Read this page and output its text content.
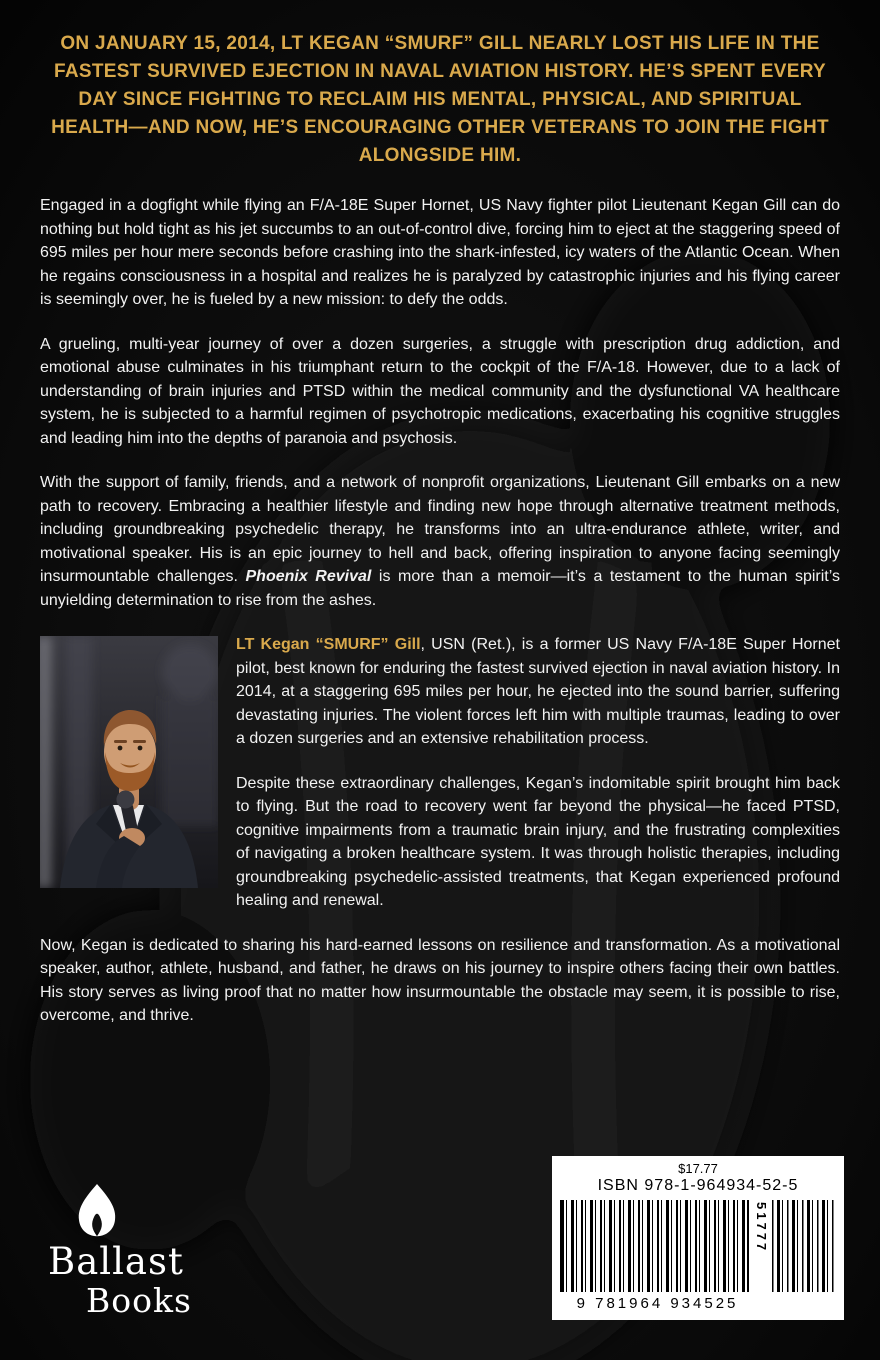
ON JANUARY 15, 2014, LT KEGAN “SMURF” GILL NEARLY LOST HIS LIFE IN THE FASTEST SURVIVED EJECTION IN NAVAL AVIATION HISTORY. HE’S SPENT EVERY DAY SINCE FIGHTING TO RECLAIM HIS MENTAL, PHYSICAL, AND SPIRITUAL HEALTH—AND NOW, HE’S ENCOURAGING OTHER VETERANS TO JOIN THE FIGHT ALONGSIDE HIM.

Engaged in a dogfight while flying an F/A-18E Super Hornet, US Navy fighter pilot Lieutenant Kegan Gill can do nothing but hold tight as his jet succumbs to an out-of-control dive, forcing him to eject at the staggering speed of 695 miles per hour mere seconds before crashing into the shark-infested, icy waters of the Atlantic Ocean. When he regains consciousness in a hospital and realizes he is paralyzed by catastrophic injuries and his flying career is seemingly over, he is fueled by a new mission: to defy the odds.

A grueling, multi-year journey of over a dozen surgeries, a struggle with prescription drug addiction, and emotional abuse culminates in his triumphant return to the cockpit of the F/A-18. However, due to a lack of understanding of brain injuries and PTSD within the medical community and the dysfunctional VA healthcare system, he is subjected to a harmful regimen of psychotropic medications, exacerbating his cognitive struggles and leading him into the depths of paranoia and psychosis.

With the support of family, friends, and a network of nonprofit organizations, Lieutenant Gill embarks on a new path to recovery. Embracing a healthier lifestyle and finding new hope through alternative treatment methods, including groundbreaking psychedelic therapy, he transforms into an ultra-endurance athlete, writer, and motivational speaker. His is an epic journey to hell and back, offering inspiration to anyone facing seemingly insurmountable challenges. Phoenix Revival is more than a memoir—it’s a testament to the human spirit’s unyielding determination to rise from the ashes.

LT Kegan “SMURF” Gill, USN (Ret.), is a former US Navy F/A-18E Super Hornet pilot, best known for enduring the fastest survived ejection in naval aviation history. In 2014, at a staggering 695 miles per hour, he ejected into the sound barrier, suffering devastating injuries. The violent forces left him with multiple traumas, leading to over a dozen surgeries and an extensive rehabilitation process.

Despite these extraordinary challenges, Kegan’s indomitable spirit brought him back to flying. But the road to recovery went far beyond the physical—he faced PTSD, cognitive impairments from a traumatic brain injury, and the frustrating complexities of navigating a broken healthcare system. It was through holistic therapies, including groundbreaking psychedelic-assisted treatments, that Kegan experienced profound healing and renewal.

Now, Kegan is dedicated to sharing his hard-earned lessons on resilience and transformation. As a motivational speaker, author, athlete, husband, and father, he draws on his journey to inspire others facing their own battles. His story serves as living proof that no matter how insurmountable the obstacle may seem, it is possible to rise, overcome, and thrive.

Ballast
Books
$17.77
ISBN 978-1-964934-52-5
51777
9 781964 934525
